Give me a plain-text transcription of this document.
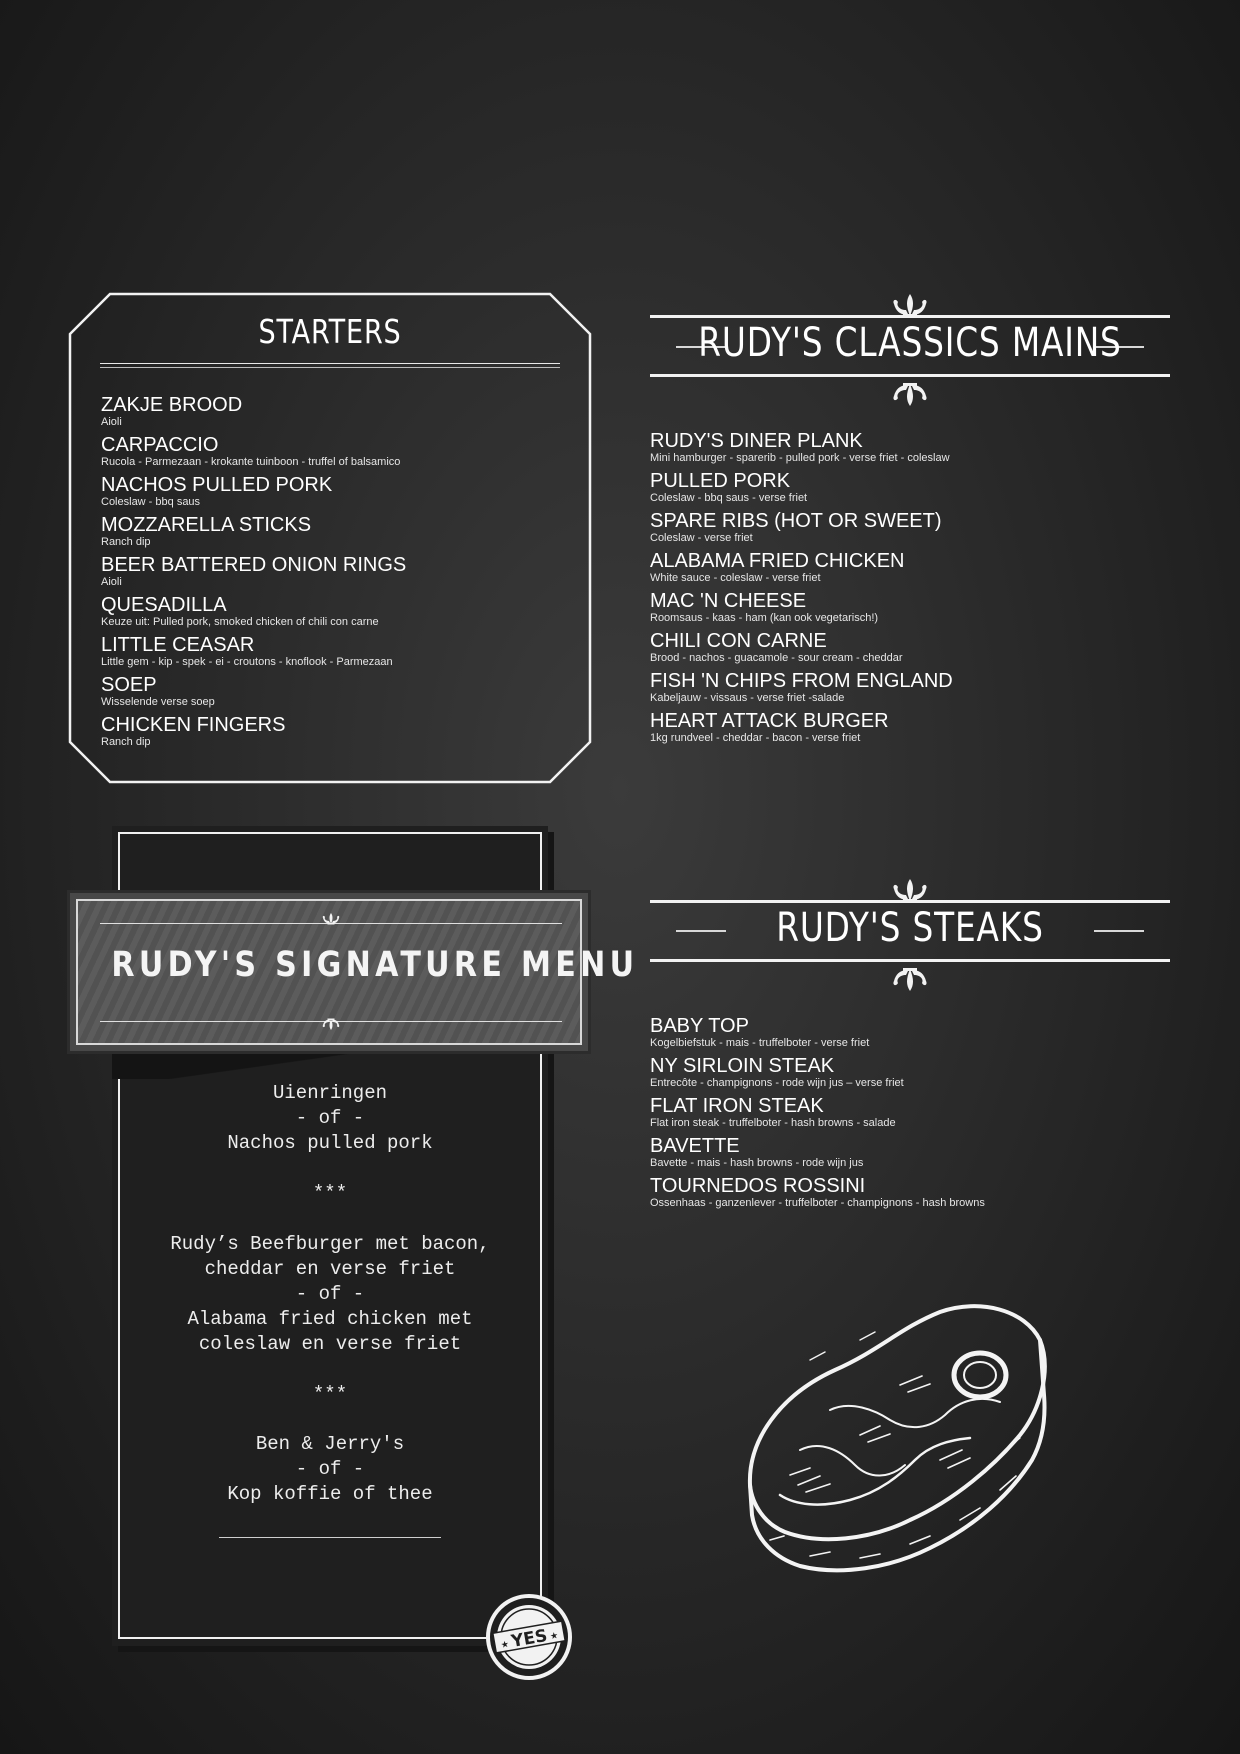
STARTERS
ZAKJE BROOD
Aioli
CARPACCIO
Rucola - Parmezaan - krokante tuinboon - truffel of balsamico
NACHOS PULLED PORK
Coleslaw - bbq saus
MOZZARELLA STICKS
Ranch dip
BEER BATTERED ONION RINGS
Aioli
QUESADILLA
Keuze uit: Pulled pork, smoked chicken of chili con carne
LITTLE CEASAR
Little gem - kip - spek - ei - croutons - knoflook - Parmezaan
SOEP
Wisselende verse soep
CHICKEN FINGERS
Ranch dip
RUDY'S CLASSICS MAINS
RUDY'S DINER PLANK
Mini hamburger - sparerib - pulled pork - verse friet - coleslaw
PULLED PORK
Coleslaw - bbq saus - verse friet
SPARE RIBS (HOT OR SWEET)
Coleslaw - verse friet
ALABAMA FRIED CHICKEN
White sauce - coleslaw - verse friet
MAC 'N CHEESE
Roomsaus - kaas - ham (kan ook vegetarisch!)
CHILI CON CARNE
Brood - nachos - guacamole - sour cream - cheddar
FISH 'N CHIPS FROM ENGLAND
Kabeljauw - vissaus - verse friet -salade
HEART ATTACK BURGER
1kg rundveel - cheddar - bacon - verse friet
RUDY'S STEAKS
BABY TOP
Kogelbiefstuk - mais - truffelboter - verse friet
NY SIRLOIN STEAK
Entrecôte - champignons - rode wijn jus – verse friet
FLAT IRON STEAK
Flat iron steak - truffelboter - hash browns - salade
BAVETTE
Bavette - mais - hash browns - rode wijn jus
TOURNEDOS ROSSINI
Ossenhaas - ganzenlever - truffelboter - champignons - hash browns
RUDY'S SIGNATURE MENU
Uienringen
- of -
Nachos pulled pork
***
Rudy’s Beefburger met bacon,
cheddar en verse friet
- of -
Alabama fried chicken met
coleslaw en verse friet
***
Ben & Jerry's
- of -
Kop koffie of thee
YES
★
★
